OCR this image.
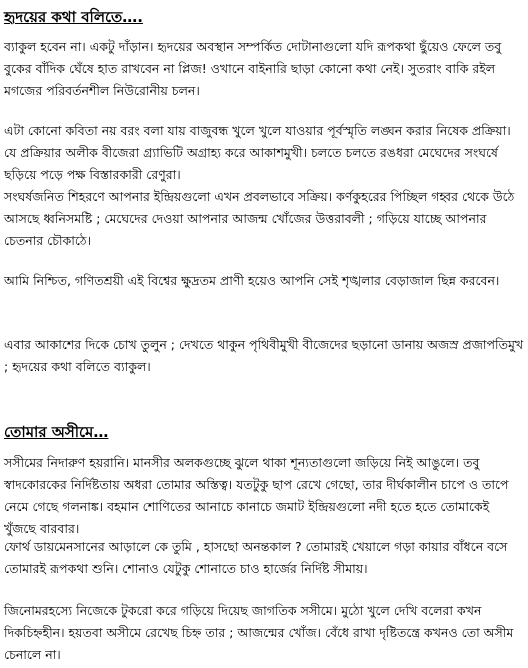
হৃদয়ের কথা বলিতে….

ব্যাকুল হবেন না। একটু দাঁড়ান। হৃদয়ের অবস্থান সম্পর্কিত দোটানাগুলো যদি রূপকথা ছুঁয়েও ফেলে তবু বুকের বাঁদিক ঘেঁষে হাত রাখবেন না প্লিজ! ওখানে বাইনারি ছাড়া কোনো কথা নেই। সুতরাং বাকি রইল মগজের পরিবর্তনশীল নিউরোনীয় চলন।

এটা কোনো কবিতা নয় বরং বলা যায় বাজুবন্ধ খুলে খুলে যাওয়ার পূর্বস্মৃতি লঙ্ঘন করার নিষেক প্রক্রিয়া। যে প্রক্রিয়ার অলীক বীজেরা গ্র্যাভিটি অগ্রাহ্য করে আকাশমুখী। চলতে চলতে রঙধরা মেঘেদের সংঘর্ষে ছড়িয়ে পড়ে পক্ষ বিস্তারকারী রেণুরা।

সংঘর্ষজনিত শিহরণে আপনার ইন্দ্রিয়গুলো এখন প্রবলভাবে সক্রিয়। কর্ণকুহরের পিচ্ছিল গহ্বর থেকে উঠে আসছে ধ্বনিসমষ্টি ; মেঘেদের দেওয়া আপনার আজন্ম খোঁজের উত্তরাবলী ; গড়িয়ে যাচ্ছে আপনার চেতনার চৌকাঠে।

আমি নিশ্চিত, গণিতশ্রয়ী এই বিশ্বের ক্ষুদ্রতম প্রাণী হয়েও আপনি সেই শৃঙ্খলার বেড়াজাল ছিন্ন করবেন।

এবার আকাশের দিকে চোখ তুলুন ; দেখতে থাকুন পৃথিবীমুখী বীজেদের ছড়ানো ডানায় অজস্র প্রজাপতিমুখ ; হৃদয়ের কথা বলিতে ব্যাকুল।

তোমার অসীমে…

সসীমের নিদারুণ হয়রানি। মানসীর অলকগুচ্ছে ঝুলে থাকা শূন্যতাগুলো জড়িয়ে নিই আঙুলে। তবু স্বাদকোরকের নির্দিষ্টতায় অধরা তোমার অস্তিত্ব। যতটুকু ছাপ রেখে গেছো, তার দীর্ঘকালীন চাপে ও তাপে নেমে গেছে গলনাঙ্ক। বহমান শোণিতের আনাচে কানাচে জমাট ইন্দ্রিয়গুলো নদী হতে হতে তোমাকেই খুঁজছে বারবার।

ফোর্থ ডায়মেনসানের আড়ালে কে তুমি , হাসছো অনন্তকাল ? তোমারই খেয়ালে গড়া কায়ার বাঁধনে বসে তোমারই রূপকথা শুনি। শোনাও যেটুকু শোনাতে চাও হার্জের নির্দিষ্ট সীমায়।

জিনোমরহস্যে নিজেকে টুকরো করে গড়িয়ে দিয়েছ জাগতিক সসীমে। মুঠো খুলে দেখি বলেরা কখন দিকচিহ্নহীন। হয়তবা অসীমে রেখেছ চিহ্ন তার ; আজন্মের খোঁজ। বেঁধে রাখা দৃষ্টিতন্ত্রে কখনও তো অসীম চেনালে না।
